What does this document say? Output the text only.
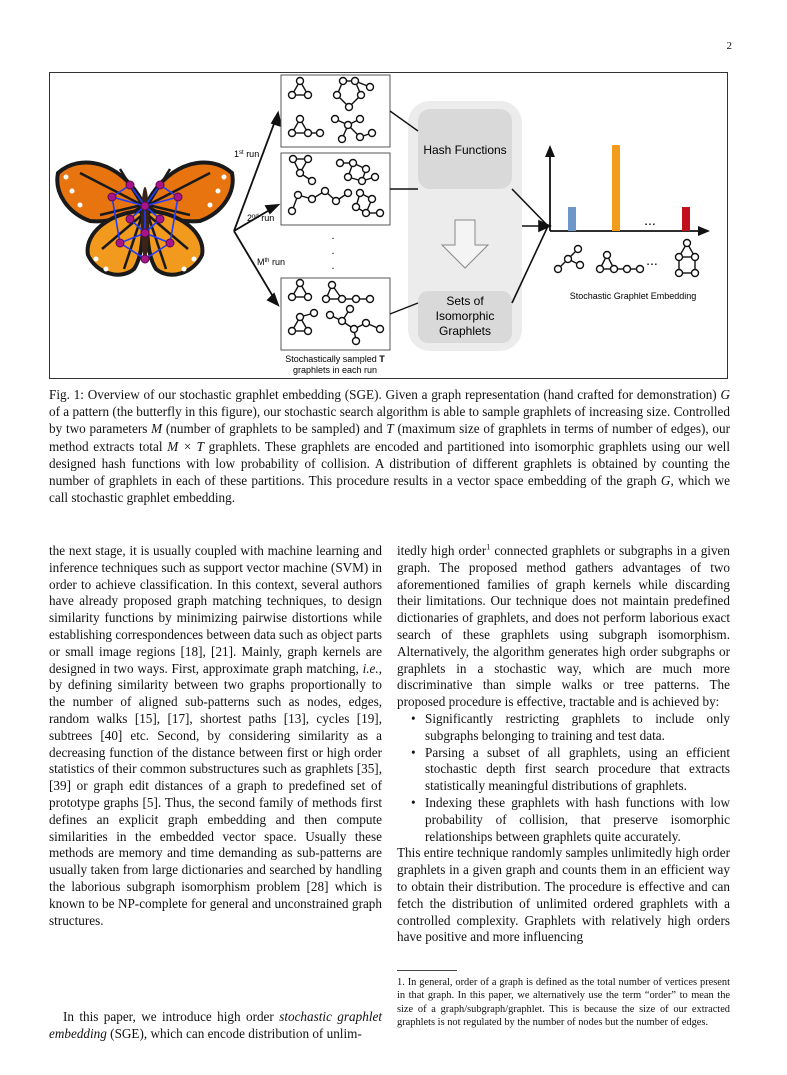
2
1st run
2nd run
Mth run
.
.
.
Stochastically sampled T
graphlets in each run
Hash Functions
Sets of
Isomorphic
Graphlets
...
...
Stochastic Graphlet Embedding
Fig. 1: Overview of our stochastic graphlet embedding (SGE). Given a graph representation (hand crafted for demonstration) G of a pattern (the butterfly in this figure), our stochastic search algorithm is able to sample graphlets of increasing size. Controlled by two parameters M (number of graphlets to be sampled) and T (maximum size of graphlets in terms of number of edges), our method extracts total M × T graphlets. These graphlets are encoded and partitioned into isomorphic graphlets using our well designed hash functions with low probability of collision. A distribution of different graphlets is obtained by counting the number of graphlets in each of these partitions. This procedure results in a vector space embedding of the graph G, which we call stochastic graphlet embedding.

the next stage, it is usually coupled with machine learning and inference techniques such as support vector machine (SVM) in order to achieve classification. In this context, several authors have already proposed graph matching techniques, to design similarity functions by minimizing pairwise distortions while establishing correspondences between data such as object parts or small image regions [18], [21]. Mainly, graph kernels are designed in two ways. First, approximate graph matching, i.e., by defining similarity between two graphs proportionally to the number of aligned sub-patterns such as nodes, edges, random walks [15], [17], shortest paths [13], cycles [19], subtrees [40] etc. Second, by considering similarity as a decreasing function of the distance between first or high order statistics of their common substructures such as graphlets [35], [39] or graph edit distances of a graph to predefined set of prototype graphs [5]. Thus, the second family of methods first defines an explicit graph embedding and then compute similarities in the embedded vector space. Usually these methods are memory and time demanding as sub-patterns are usually taken from large dictionaries and searched by handling the laborious subgraph isomorphism problem [28] which is known to be NP-complete for general and unconstrained graph structures.

In this paper, we introduce high order stochastic graphlet embedding (SGE), which can encode distribution of unlim-

itedly high order$^1$ connected graphlets or subgraphs in a given graph. The proposed method gathers advantages of two aforementioned families of graph kernels while discarding their limitations. Our technique does not maintain predefined dictionaries of graphlets, and does not perform laborious exact search of these graphlets using subgraph isomorphism. Alternatively, the algorithm generates high order subgraphs or graphlets in a stochastic way, which are much more discriminative than simple walks or tree patterns. The proposed procedure is effective, tractable and is achieved by:

• Significantly restricting graphlets to include only subgraphs belonging to training and test data.
• Parsing a subset of all graphlets, using an efficient stochastic depth first search procedure that extracts statistically meaningful distributions of graphlets.
• Indexing these graphlets with hash functions with low probability of collision, that preserve isomorphic relationships between graphlets quite accurately.

This entire technique randomly samples unlimitedly high order graphlets in a given graph and counts them in an efficient way to obtain their distribution. The procedure is effective and can fetch the distribution of unlimited ordered graphlets with a controlled complexity. Graphlets with relatively high orders have positive and more influencing

1. In general, order of a graph is defined as the total number of vertices present in that graph. In this paper, we alternatively use the term “order” to mean the size of a graph/subgraph/graphlet. This is because the size of our extracted graphlets is not regulated by the number of nodes but the number of edges.
